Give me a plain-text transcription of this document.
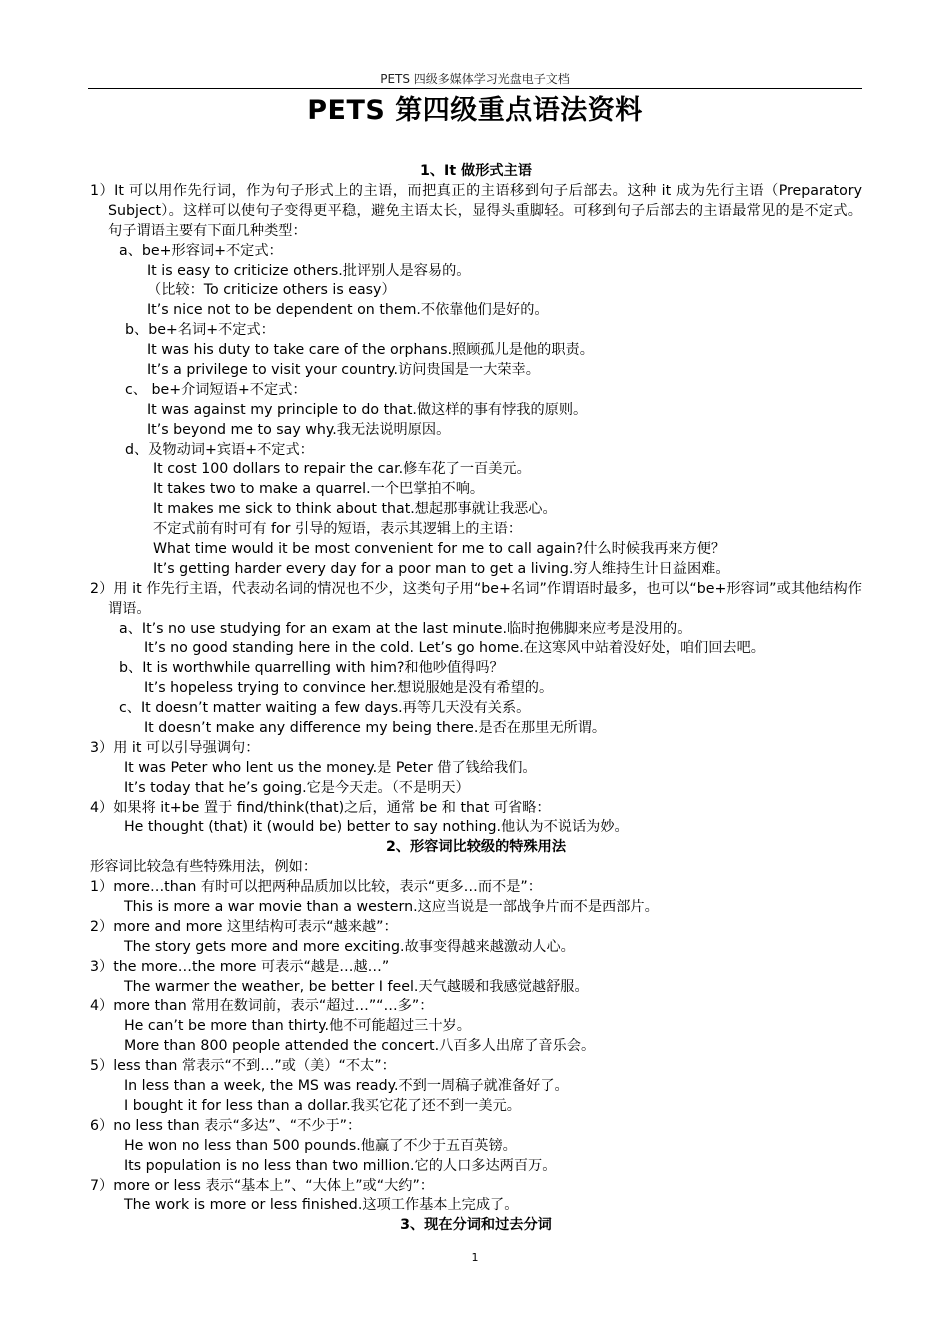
PETS 四级多媒体学习光盘电子文档
PETS 第四级重点语法资料
1、It 做形式主语
1）It 可以用作先行词，作为句子形式上的主语，而把真正的主语移到句子后部去。这种 it 成为先行主语（Preparatory Subject）。这样可以使句子变得更平稳，避免主语太长，显得头重脚轻。可移到句子后部去的主语最常见的是不定式。句子谓语主要有下面几种类型：
a、be+形容词+不定式：
It is easy to criticize others.批评别人是容易的。
（比较：To criticize others is easy）
It’s nice not to be dependent on them.不依靠他们是好的。
b、be+名词+不定式：
It was his duty to take care of the orphans.照顾孤儿是他的职责。
It’s a privilege to visit your country.访问贵国是一大荣幸。
c、 be+介词短语+不定式：
It was against my principle to do that.做这样的事有悖我的原则。
It’s beyond me to say why.我无法说明原因。
d、及物动词+宾语+不定式：
It cost 100 dollars to repair the car.修车花了一百美元。
It takes two to make a quarrel.一个巴掌拍不响。
It makes me sick to think about that.想起那事就让我恶心。
不定式前有时可有 for 引导的短语，表示其逻辑上的主语：
What time would it be most convenient for me to call again?什么时候我再来方便？
It’s getting harder every day for a poor man to get a living.穷人维持生计日益困难。
2）用 it 作先行主语，代表动名词的情况也不少，这类句子用“be+名词”作谓语时最多，也可以“be+形容词”或其他结构作谓语。
a、It’s no use studying for an exam at the last minute.临时抱佛脚来应考是没用的。
It’s no good standing here in the cold. Let’s go home.在这寒风中站着没好处，咱们回去吧。
b、It is worthwhile quarrelling with him?和他吵值得吗？
It’s hopeless trying to convince her.想说服她是没有希望的。
c、It doesn’t matter waiting a few days.再等几天没有关系。
It doesn’t make any difference my being there.是否在那里无所谓。
3）用 it 可以引导强调句：
It was Peter who lent us the money.是 Peter 借了钱给我们。
It’s today that he’s going.它是今天走。（不是明天）
4）如果将 it+be 置于 find/think(that)之后，通常 be 和 that 可省略：
He thought (that) it (would be) better to say nothing.他认为不说话为妙。
2、形容词比较级的特殊用法
形容词比较急有些特殊用法，例如：
1）more…than 有时可以把两种品质加以比较，表示“更多…而不是”：
This is more a war movie than a western.这应当说是一部战争片而不是西部片。
2）more and more 这里结构可表示“越来越”：
The story gets more and more exciting.故事变得越来越激动人心。
3）the more…the more 可表示“越是…越…”
The warmer the weather, be better I feel.天气越暖和我感觉越舒服。
4）more than 常用在数词前，表示“超过…”“…多”：
He can’t be more than thirty.他不可能超过三十岁。
More than 800 people attended the concert.八百多人出席了音乐会。
5）less than 常表示“不到…”或（美）“不太”：
In less than a week, the MS was ready.不到一周稿子就准备好了。
I bought it for less than a dollar.我买它花了还不到一美元。
6）no less than 表示“多达”、“不少于”：
He won no less than 500 pounds.他赢了不少于五百英镑。
Its population is no less than two million.它的人口多达两百万。
7）more or less 表示“基本上”、“大体上”或“大约”：
The work is more or less finished.这项工作基本上完成了。
3、现在分词和过去分词
1
